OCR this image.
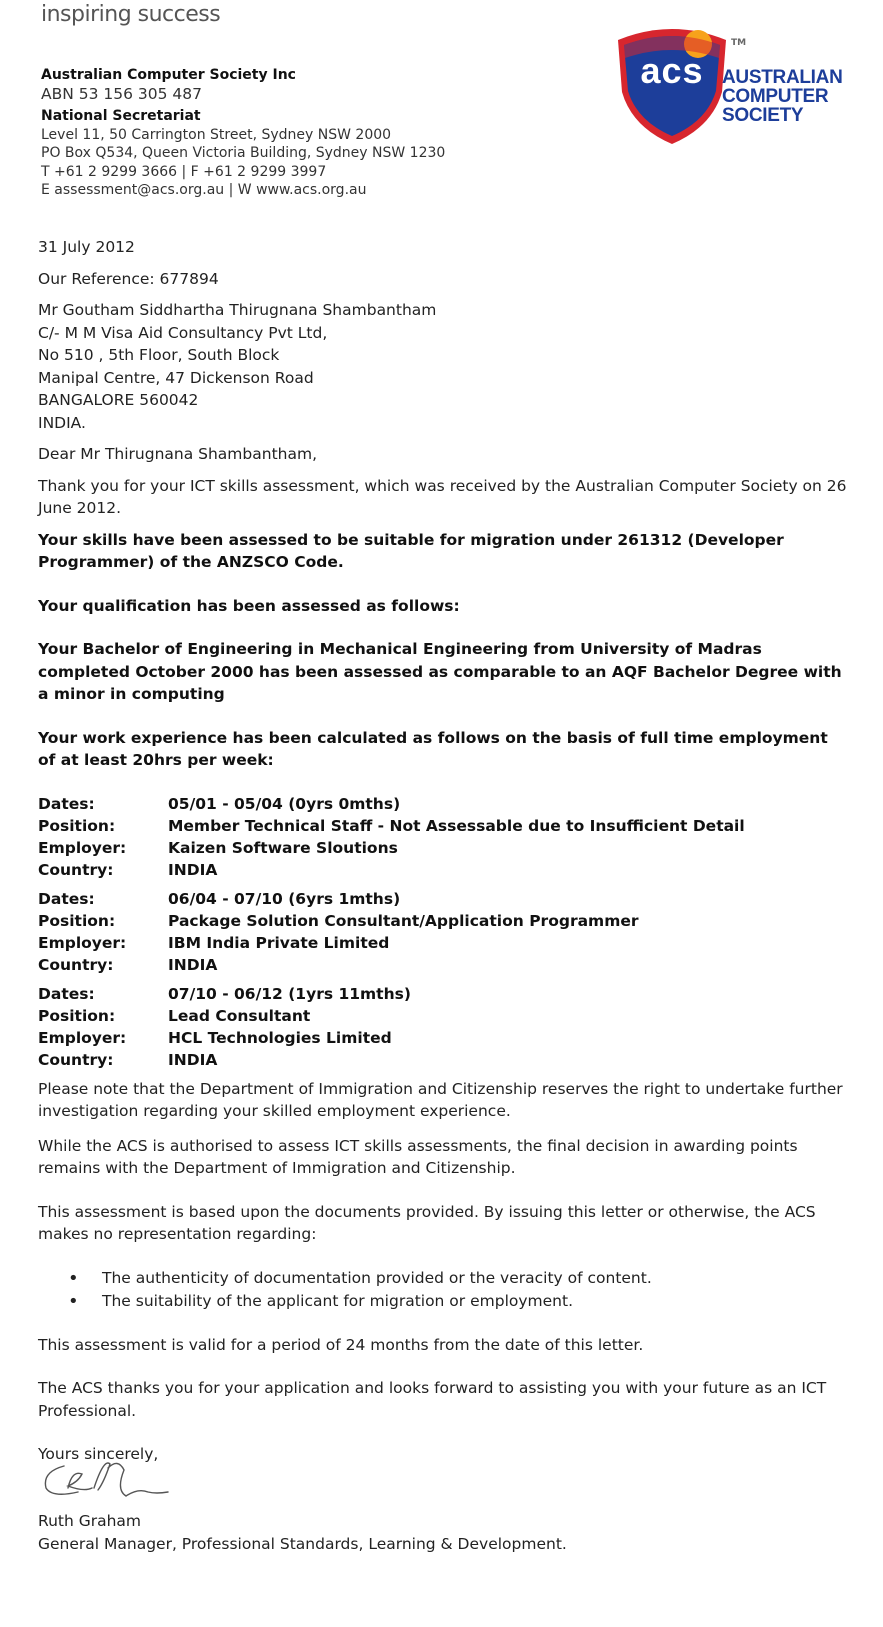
inspiring success
Australian Computer Society Inc
ABN 53 156 305 487
National Secretariat
Level 11, 50 Carrington Street, Sydney NSW 2000
PO Box Q534, Queen Victoria Building, Sydney NSW 1230
T +61 2 9299 3666 | F +61 2 9299 3997
E assessment@acs.org.au | W www.acs.org.au
acs
TM
AUSTRALIAN
COMPUTER
SOCIETY

31 July 2012

Our Reference: 677894

Mr Goutham Siddhartha Thirugnana Shambantham

C/- M M Visa Aid Consultancy Pvt Ltd,

No 510 , 5th Floor, South Block

Manipal Centre, 47 Dickenson Road

BANGALORE 560042

INDIA.

Dear Mr Thirugnana Shambantham,

Thank you for your ICT skills assessment, which was received by the Australian Computer Society on 26 June 2012.

Your skills have been assessed to be suitable for migration under 261312 (Developer Programmer) of the ANZSCO Code.

Your qualification has been assessed as follows:

Your Bachelor of Engineering in Mechanical Engineering from University of Madras completed October 2000 has been assessed as comparable to an AQF Bachelor Degree with a minor in computing

Your work experience has been calculated as follows on the basis of full time employment of at least 20hrs per week:

Dates:	05/01 - 05/04 (0yrs 0mths)
Position:	Member Technical Staff - Not Assessable due to Insufficient Detail
Employer:	Kaizen Software Sloutions
Country:	INDIA
Dates:	06/04 - 07/10 (6yrs 1mths)
Position:	Package Solution Consultant/Application Programmer
Employer:	IBM India Private Limited
Country:	INDIA
Dates:	07/10 - 06/12 (1yrs 11mths)
Position:	Lead Consultant
Employer:	HCL Technologies Limited
Country:	INDIA

Please note that the Department of Immigration and Citizenship reserves the right to undertake further investigation regarding your skilled employment experience.

While the ACS is authorised to assess ICT skills assessments, the final decision in awarding points remains with the Department of Immigration and Citizenship.

This assessment is based upon the documents provided. By issuing this letter or otherwise, the ACS makes no representation regarding:

• The authenticity of documentation provided or the veracity of content.
• The suitability of the applicant for migration or employment.

This assessment is valid for a period of 24 months from the date of this letter.

The ACS thanks you for your application and looks forward to assisting you with your future as an ICT Professional.

Yours sincerely,

Ruth Graham
General Manager, Professional Standards, Learning & Development.
